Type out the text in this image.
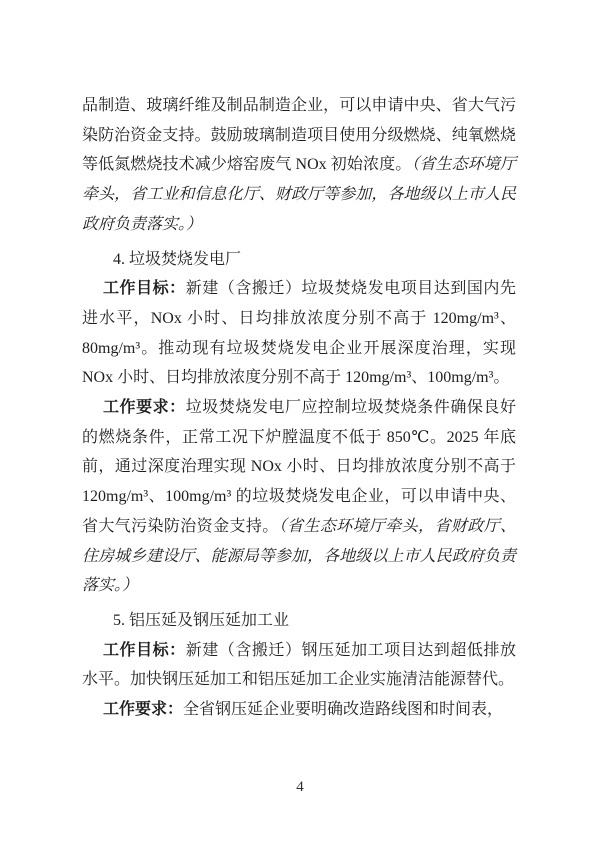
品制造、玻璃纤维及制品制造企业，可以申请中央、省大气污染防治资金支持。鼓励玻璃制造项目使用分级燃烧、纯氧燃烧等低氮燃烧技术减少熔窑废气 NOx 初始浓度。（省生态环境厅牵头，省工业和信息化厅、财政厅等参加，各地级以上市人民政府负责落实。）

4. 垃圾焚烧发电厂

工作目标：新建（含搬迁）垃圾焚烧发电项目达到国内先进水平，NOx 小时、日均排放浓度分别不高于 120mg/m³、80mg/m³。推动现有垃圾焚烧发电企业开展深度治理，实现 NOx 小时、日均排放浓度分别不高于 120mg/m³、100mg/m³。

工作要求：垃圾焚烧发电厂应控制垃圾焚烧条件确保良好的燃烧条件，正常工况下炉膛温度不低于 850℃。2025 年底前，通过深度治理实现 NOx 小时、日均排放浓度分别不高于 120mg/m³、100mg/m³ 的垃圾焚烧发电企业，可以申请中央、省大气污染防治资金支持。（省生态环境厅牵头，省财政厅、住房城乡建设厅、能源局等参加，各地级以上市人民政府负责落实。）

5. 铝压延及钢压延加工业

工作目标：新建（含搬迁）钢压延加工项目达到超低排放水平。加快钢压延加工和铝压延加工企业实施清洁能源替代。

工作要求：全省钢压延企业要明确改造路线图和时间表，

4
